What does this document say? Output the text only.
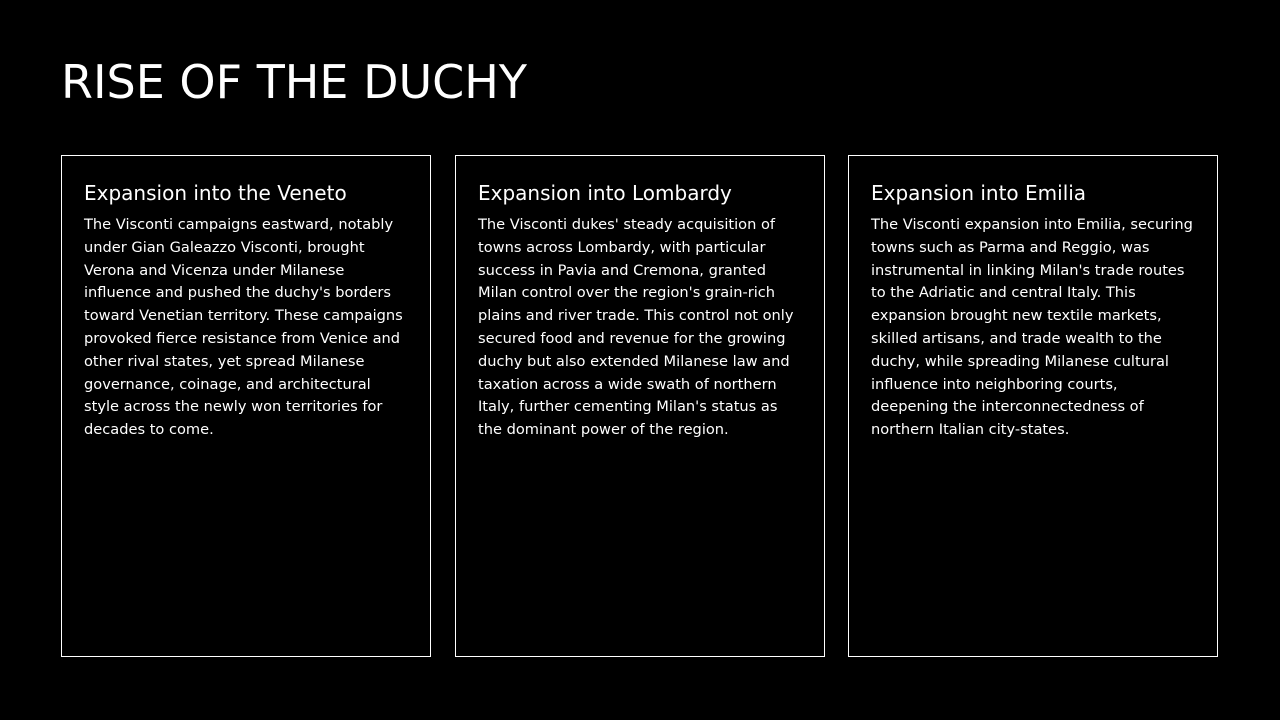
RISE OF THE DUCHY
Expansion into the Veneto

The Visconti campaigns eastward, notably under Gian Galeazzo Visconti, brought Verona and Vicenza under Milanese influence and pushed the duchy's borders toward Venetian territory. These campaigns provoked fierce resistance from Venice and other rival states, yet spread Milanese governance, coinage, and architectural style across the newly won territories for decades to come.

Expansion into Lombardy

The Visconti dukes' steady acquisition of towns across Lombardy, with particular success in Pavia and Cremona, granted Milan control over the region's grain-rich plains and river trade. This control not only secured food and revenue for the growing duchy but also extended Milanese law and taxation across a wide swath of northern Italy, further cementing Milan's status as the dominant power of the region.

Expansion into Emilia

The Visconti expansion into Emilia, securing towns such as Parma and Reggio, was instrumental in linking Milan's trade routes to the Adriatic and central Italy. This expansion brought new textile markets, skilled artisans, and trade wealth to the duchy, while spreading Milanese cultural influence into neighboring courts, deepening the interconnectedness of northern Italian city-states.
